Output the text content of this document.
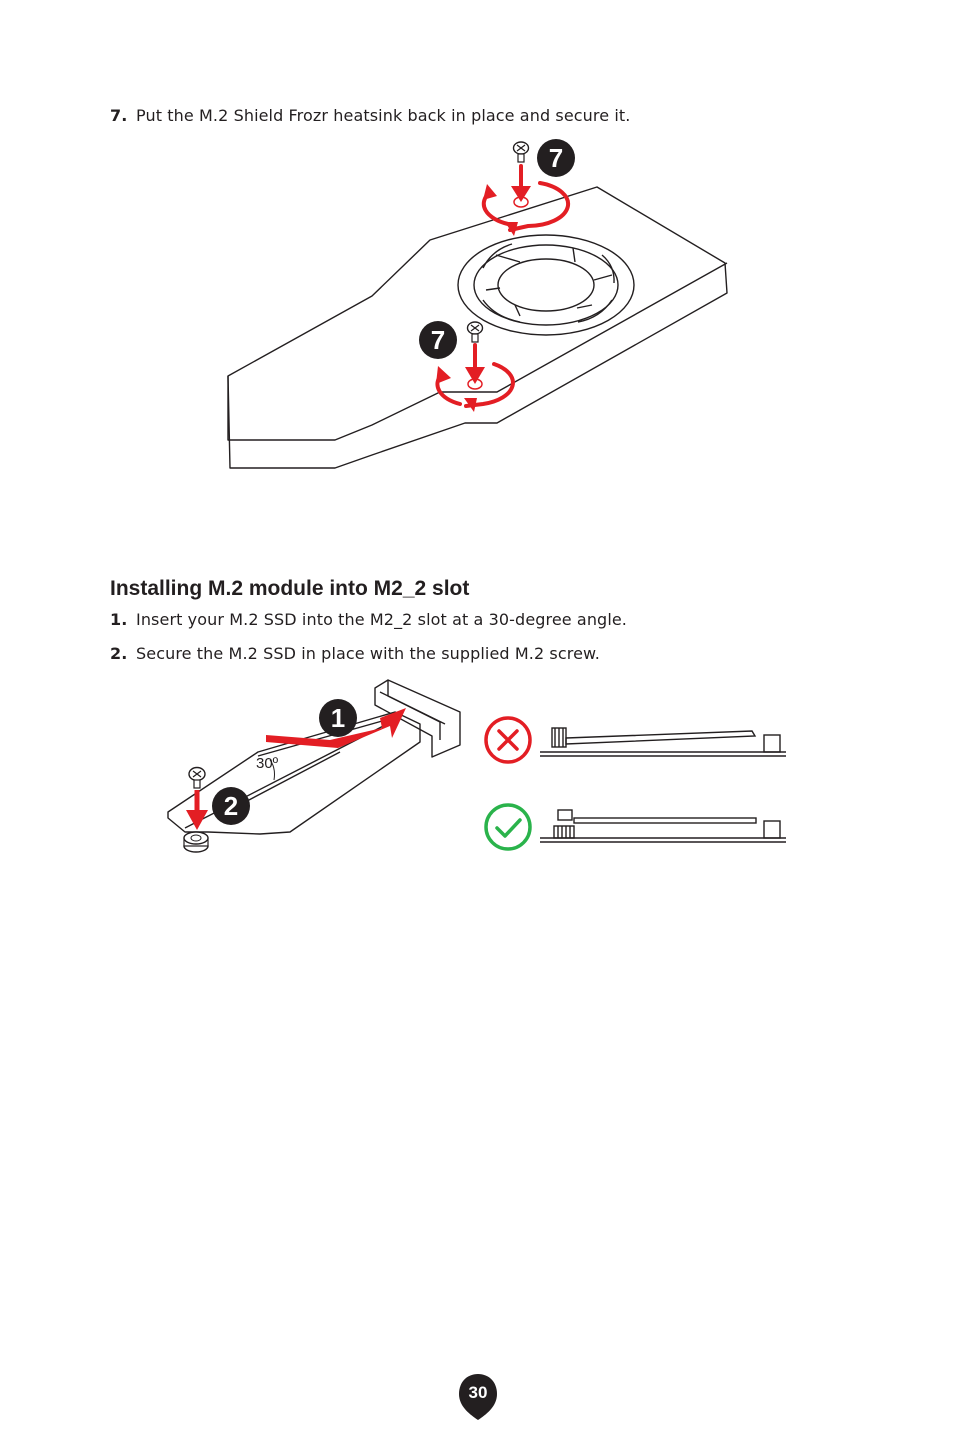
7. Put the M.2 Shield Frozr heatsink back in place and secure it.
7
7
Installing M.2 module into M2_2 slot
1. Insert your M.2 SSD into the M2_2 slot at a 30-degree angle.
2. Secure the M.2 SSD in place with the supplied M.2 screw.
30º
1
2
30
